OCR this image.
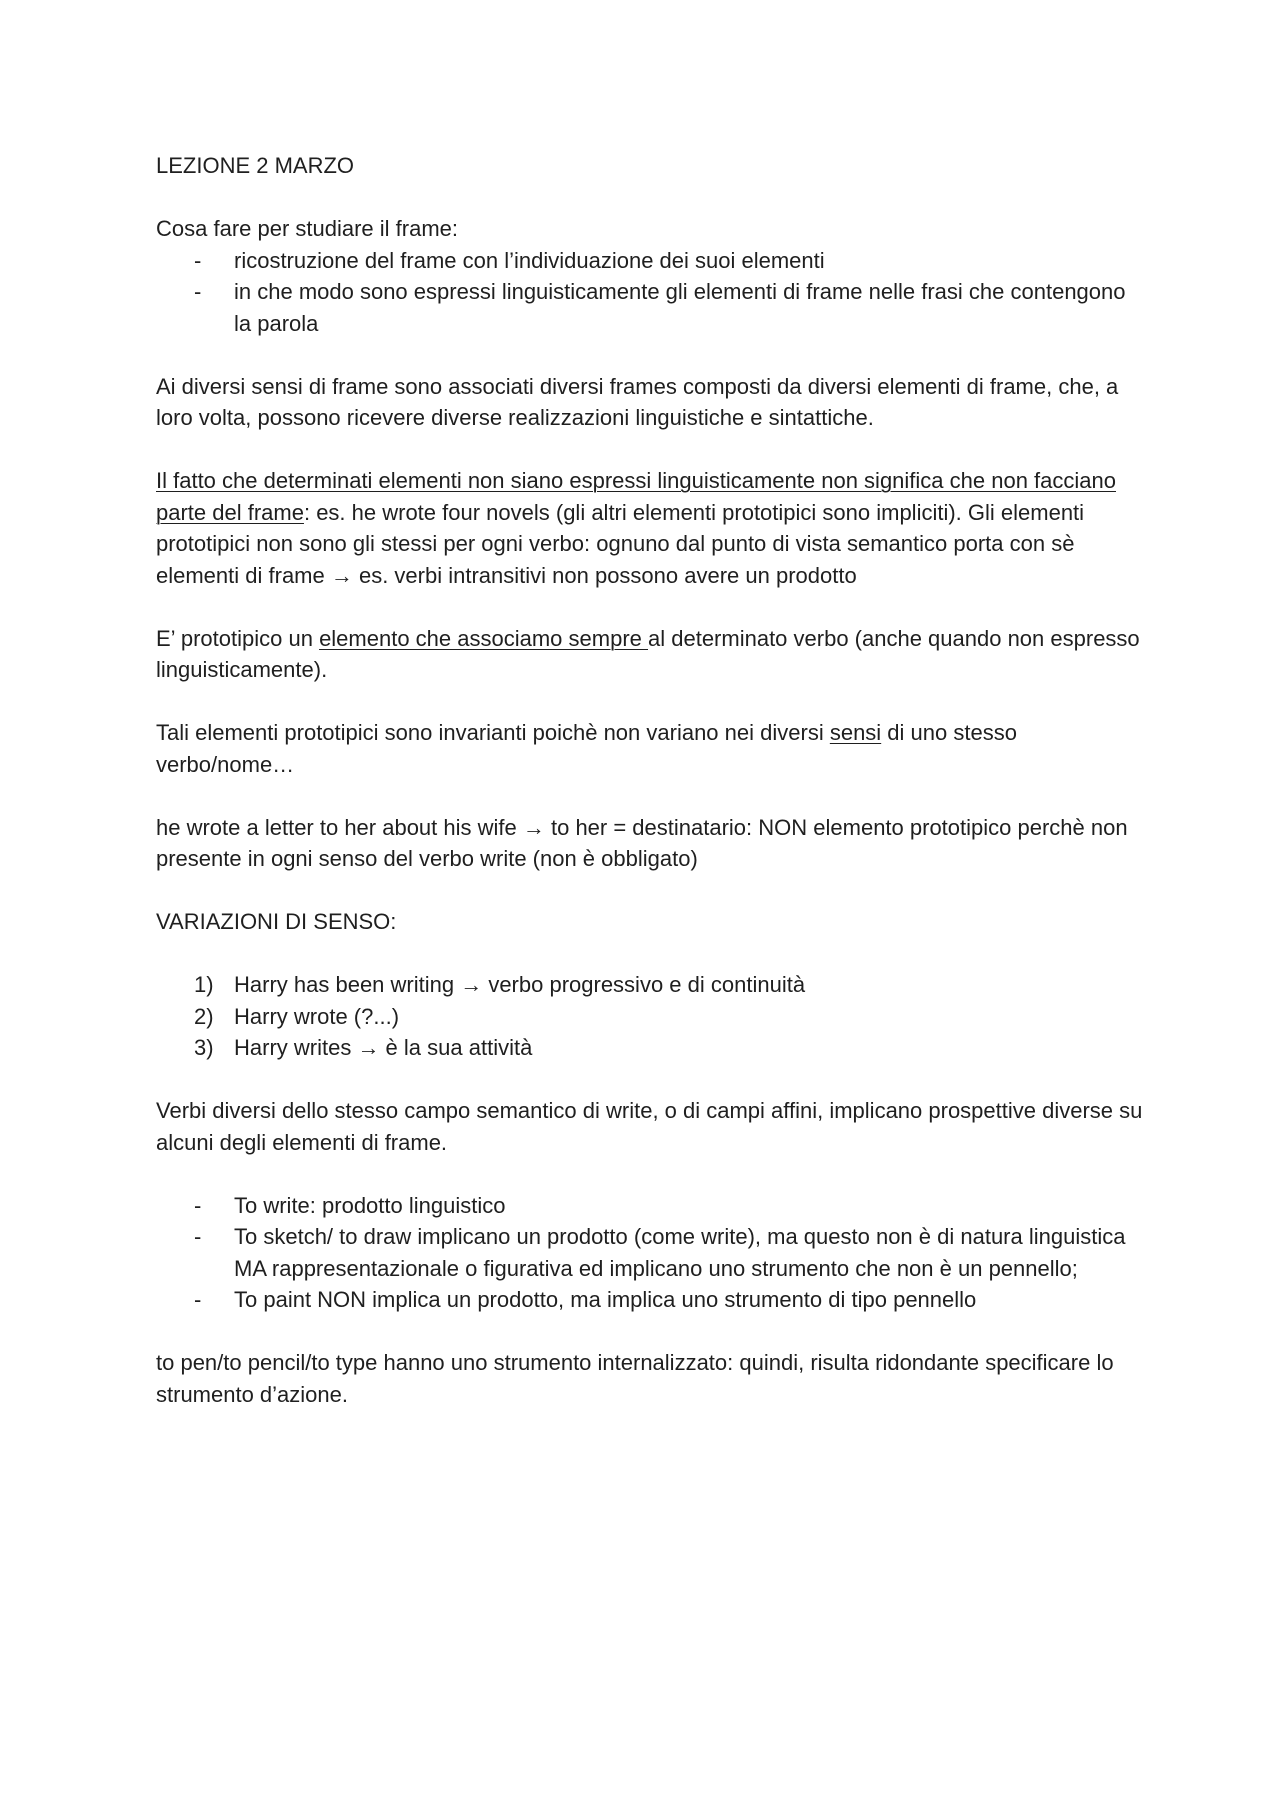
LEZIONE 2 MARZO

Cosa fare per studiare il frame:

- ricostruzione del frame con l’individuazione dei suoi elementi
- in che modo sono espressi linguisticamente gli elementi di frame nelle frasi che contengono la parola

Ai diversi sensi di frame sono associati diversi frames composti da diversi elementi di frame, che, a loro volta, possono ricevere diverse realizzazioni linguistiche e sintattiche.

Il fatto che determinati elementi non siano espressi linguisticamente non significa che non facciano parte del frame: es. he wrote four novels (gli altri elementi prototipici sono impliciti). Gli elementi prototipici non sono gli stessi per ogni verbo: ognuno dal punto di vista semantico porta con sè elementi di frame → es. verbi intransitivi non possono avere un prodotto

E’ prototipico un elemento che associamo sempre al determinato verbo (anche quando non espresso linguisticamente).

Tali elementi prototipici sono invarianti poichè non variano nei diversi sensi di uno stesso verbo/nome…

he wrote a letter to her about his wife → to her = destinatario: NON elemento prototipico perchè non presente in ogni senso del verbo write (non è obbligato)

VARIAZIONI DI SENSO:

1) Harry has been writing → verbo progressivo e di continuità
2) Harry wrote (?...)
3) Harry writes → è la sua attività

Verbi diversi dello stesso campo semantico di write, o di campi affini, implicano prospettive diverse su alcuni degli elementi di frame.

- To write: prodotto linguistico
- To sketch/ to draw implicano un prodotto (come write), ma questo non è di natura linguistica MA rappresentazionale o figurativa ed implicano uno strumento che non è un pennello;
- To paint NON implica un prodotto, ma implica uno strumento di tipo pennello

to pen/to pencil/to type hanno uno strumento internalizzato: quindi, risulta ridondante specificare lo strumento d’azione.
